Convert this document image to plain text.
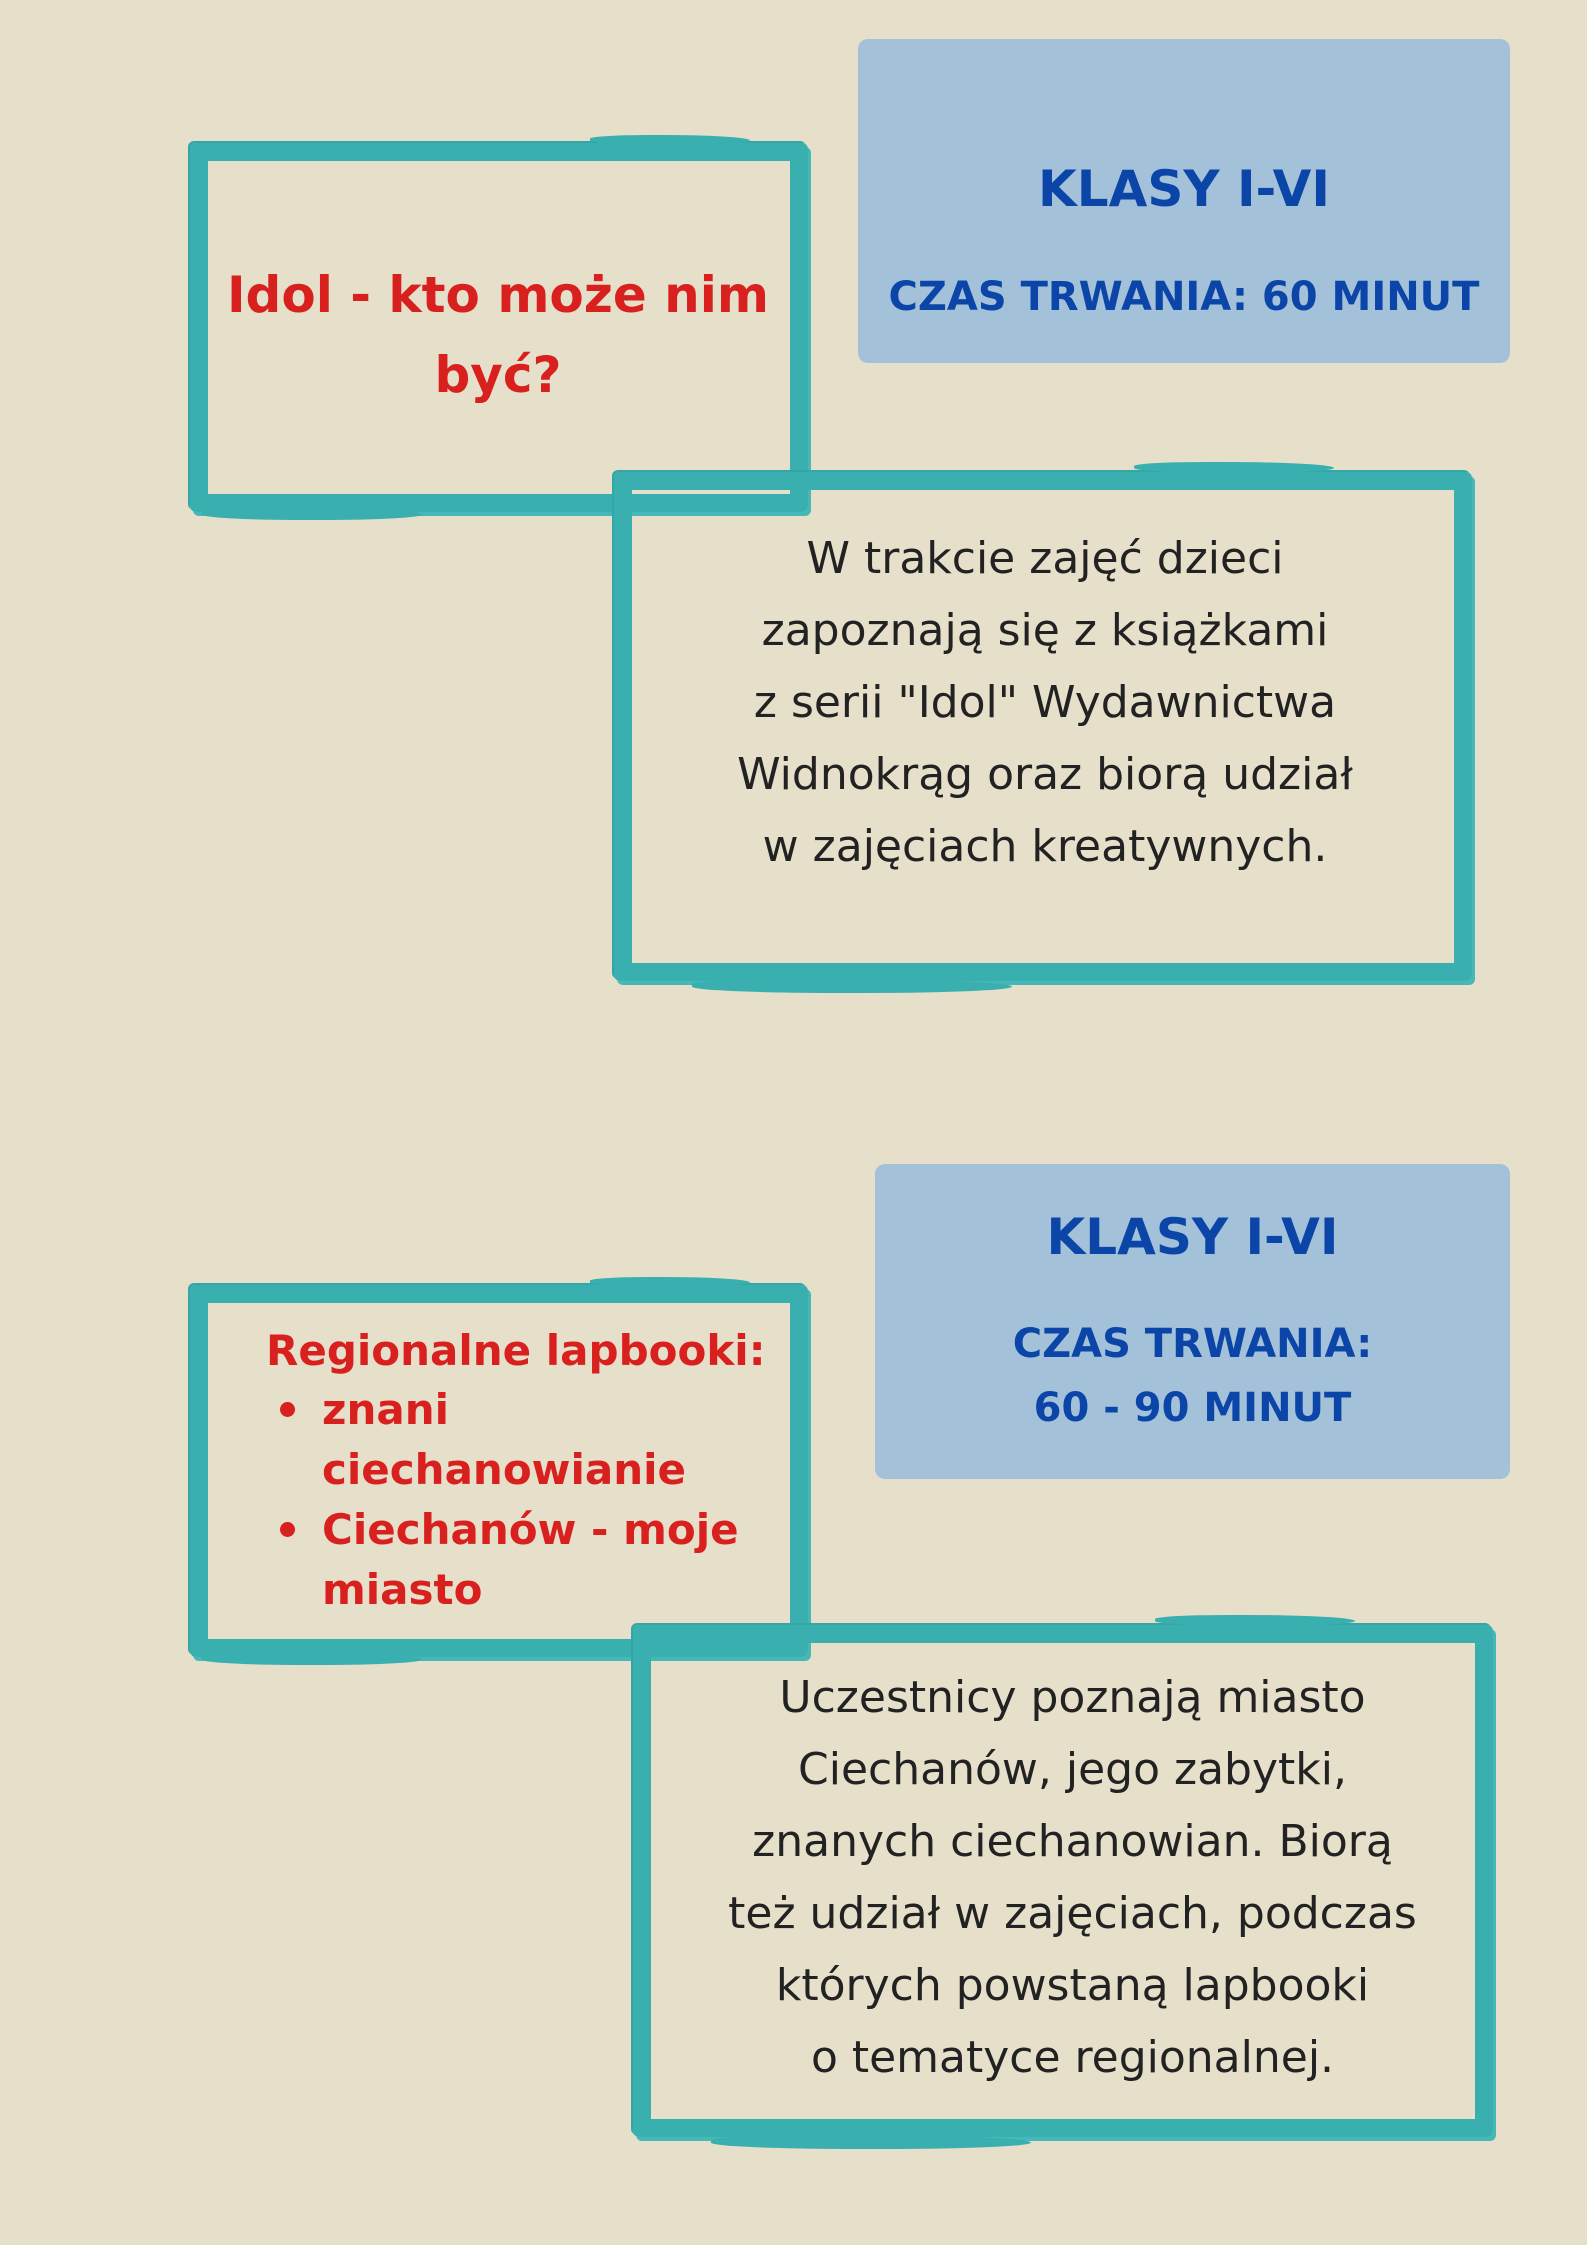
KLASY I-VI
CZAS TRWANIA: 60 MINUT
Idol - kto może nim
być?
W trakcie zajęć dzieci
zapoznają się z książkami
z serii "Idol" Wydawnictwa
Widnokrąg oraz biorą udział
w zajęciach kreatywnych.
KLASY I-VI
CZAS TRWANIA:
60 - 90 MINUT
Regionalne lapbooki:
znani
ciechanowianie
Ciechanów - moje
miasto
Uczestnicy poznają miasto
Ciechanów, jego zabytki,
znanych ciechanowian. Biorą
też udział w zajęciach, podczas
których powstaną lapbooki
o tematyce regionalnej.
